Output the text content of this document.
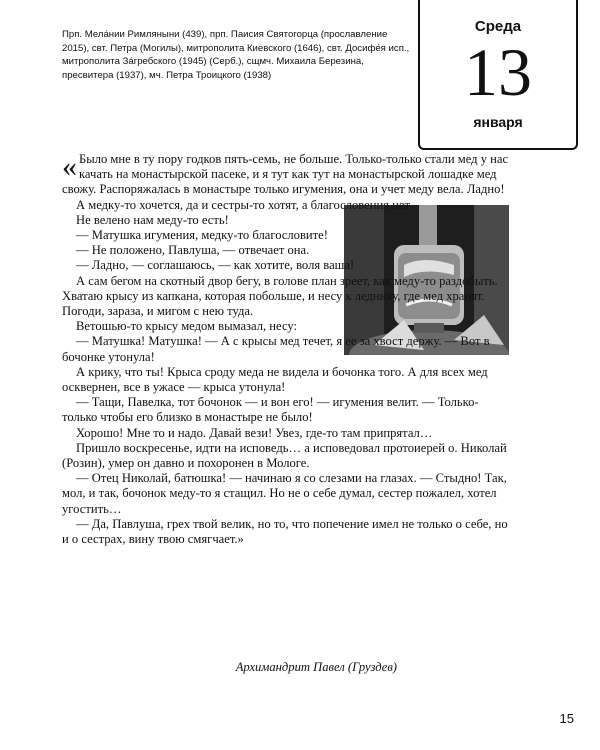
Прп. Мела́нии Римляныни (439), прп. Паисия Святогорца (прославление 2015), свт. Петра (Могилы), митрополита Киевского (1646), свт. Досифе́я исп., митрополита За́гребского (1945) (Серб.), сщмч. Михаила Березина, пресвитера (1937), мч. Петра Троицкого (1938)
Среда
13
января

« Было мне в ту пору годков пять-семь, не больше. Только-только стали мед у нас качать на монастырской пасеке, и я тут как тут на монастырской лошадке мед свожу. Распоряжалась в монастыре только игумения, она и учет меду вела. Ладно!

А медку-то хочется, да и сестры-то хотят, а благословения нет.

Не велено нам меду-то есть!

— Матушка игумения, медку-то благословите!

— Не положено, Павлуша, — отвечает она.

— Ладно, — соглашаюсь, — как хотите, воля ваша!

А сам бегом на скотный двор бегу, в голове план зреет, как меду-то раздобыть. Хватаю крысу из капкана, которая побольше, и несу к леднику, где мед хранят. Погоди, зараза, и мигом с нею туда.

Ветошью-то крысу медом вымазал, несу:

— Матушка! Матушка! — А с крысы мед течет, я ее за хвост держу. — Вот в бочонке утонула!

А крику, что ты! Крыса сроду меда не видела и бочонка того. А для всех мед осквернен, все в ужасе — крыса утонула!

— Тащи, Павелка, тот бочонок — и вон его! — игумения велит. — Только-только чтобы его близко в монастыре не было!

Хорошо! Мне то и надо. Давай вези! Увез, где-то там припрятал…

Пришло воскресенье, идти на исповедь… а исповедовал протоиерей о. Николай (Розин), умер он давно и похоронен в Мологе.

— Отец Николай, батюшка! — начинаю я со слезами на глазах. — Стыдно! Так, мол, и так, бочонок меду-то я стащил. Но не о себе думал, сестер пожалел, хотел угостить…

— Да, Павлуша, грех твой велик, но то, что попечение имел не только о себе, но и о сестрах, вину твою смягчает.»

Архимандрит Павел (Груздев)
15
